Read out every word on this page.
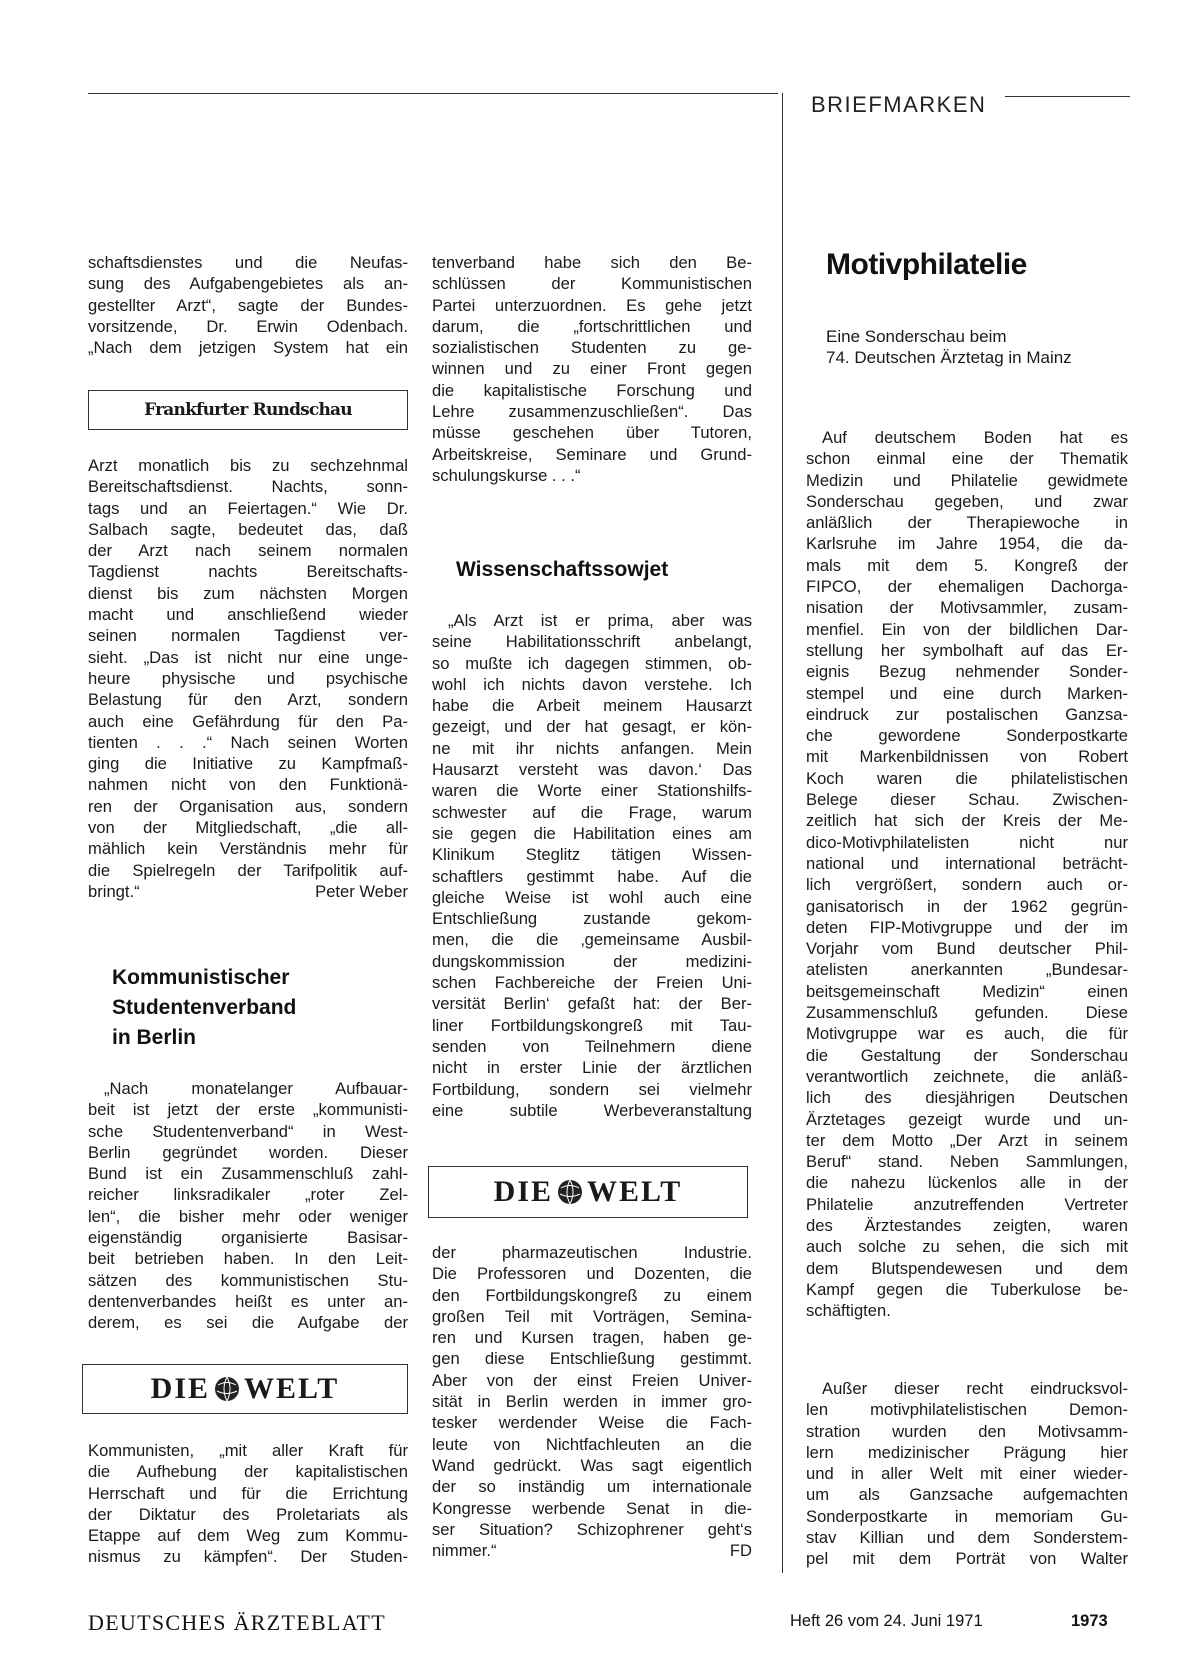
BRIEFMARKEN
schaftsdienstes und die Neufas-
sung des Aufgabengebietes als an-
gestellter Arzt“, sagte der Bundes-
vorsitzende, Dr. Erwin Odenbach.
„Nach dem jetzigen System hat ein
Frankfurter Rundschau
Arzt monatlich bis zu sechzehnmal
Bereitschaftsdienst. Nachts, sonn-
tags und an Feiertagen.“ Wie Dr.
Salbach sagte, bedeutet das, daß
der Arzt nach seinem normalen
Tagdienst nachts Bereitschafts-
dienst bis zum nächsten Morgen
macht und anschließend wieder
seinen normalen Tagdienst ver-
sieht. „Das ist nicht nur eine unge-
heure physische und psychische
Belastung für den Arzt, sondern
auch eine Gefährdung für den Pa-
tienten . . .“ Nach seinen Worten
ging die Initiative zu Kampfmaß-
nahmen nicht von den Funktionä-
ren der Organisation aus, sondern
von der Mitgliedschaft, „die all-
mählich kein Verständnis mehr für
die Spielregeln der Tarifpolitik auf-
bringt.“	Peter Weber
Kommunistischer
Studentenverband
in Berlin
„Nach monatelanger Aufbauar-
beit ist jetzt der erste „kommunisti-
sche Studentenverband“ in West-
Berlin gegründet worden. Dieser
Bund ist ein Zusammenschluß zahl-
reicher linksradikaler „roter Zel-
len“, die bisher mehr oder weniger
eigenständig organisierte Basisar-
beit betrieben haben. In den Leit-
sätzen des kommunistischen Stu-
dentenverbandes heißt es unter an-
derem, es sei die Aufgabe der
DIE WELT
Kommunisten, „mit aller Kraft für
die Aufhebung der kapitalistischen
Herrschaft und für die Errichtung
der Diktatur des Proletariats als
Etappe auf dem Weg zum Kommu-
nismus zu kämpfen“. Der Studen-
tenverband habe sich den Be-
schlüssen der Kommunistischen
Partei unterzuordnen. Es gehe jetzt
darum, die „fortschrittlichen und
sozialistischen Studenten zu ge-
winnen und zu einer Front gegen
die kapitalistische Forschung und
Lehre zusammenzuschließen“. Das
müsse geschehen über Tutoren,
Arbeitskreise, Seminare und Grund-
schulungskurse . . .“
Wissenschaftssowjet
„Als Arzt ist er prima, aber was
seine Habilitationsschrift anbelangt,
so mußte ich dagegen stimmen, ob-
wohl ich nichts davon verstehe. Ich
habe die Arbeit meinem Hausarzt
gezeigt, und der hat gesagt, er kön-
ne mit ihr nichts anfangen. Mein
Hausarzt versteht was davon.‘ Das
waren die Worte einer Stationshilfs-
schwester auf die Frage, warum
sie gegen die Habilitation eines am
Klinikum Steglitz tätigen Wissen-
schaftlers gestimmt habe. Auf die
gleiche Weise ist wohl auch eine
Entschließung zustande gekom-
men, die die ‚gemeinsame Ausbil-
dungskommission der medizini-
schen Fachbereiche der Freien Uni-
versität Berlin‘ gefaßt hat: der Ber-
liner Fortbildungskongreß mit Tau-
senden von Teilnehmern diene
nicht in erster Linie der ärztlichen
Fortbildung, sondern sei vielmehr
eine subtile Werbeveranstaltung
DIE WELT
der pharmazeutischen Industrie.
Die Professoren und Dozenten, die
den Fortbildungskongreß zu einem
großen Teil mit Vorträgen, Semina-
ren und Kursen tragen, haben ge-
gen diese Entschließung gestimmt.
Aber von der einst Freien Univer-
sität in Berlin werden in immer gro-
tesker werdender Weise die Fach-
leute von Nichtfachleuten an die
Wand gedrückt. Was sagt eigentlich
der so inständig um internationale
Kongresse werbende Senat in die-
ser Situation? Schizophrener geht‘s
nimmer.“	FD
Motivphilatelie
Eine Sonderschau beim
74. Deutschen Ärztetag in Mainz
Auf deutschem Boden hat es
schon einmal eine der Thematik
Medizin und Philatelie gewidmete
Sonderschau gegeben, und zwar
anläßlich der Therapiewoche in
Karlsruhe im Jahre 1954, die da-
mals mit dem 5. Kongreß der
FIPCO, der ehemaligen Dachorga-
nisation der Motivsammler, zusam-
menfiel. Ein von der bildlichen Dar-
stellung her symbolhaft auf das Er-
eignis Bezug nehmender Sonder-
stempel und eine durch Marken-
eindruck zur postalischen Ganzsa-
che gewordene Sonderpostkarte
mit Markenbildnissen von Robert
Koch waren die philatelistischen
Belege dieser Schau. Zwischen-
zeitlich hat sich der Kreis der Me-
dico-Motivphilatelisten nicht nur
national und international beträcht-
lich vergrößert, sondern auch or-
ganisatorisch in der 1962 gegrün-
deten FIP-Motivgruppe und der im
Vorjahr vom Bund deutscher Phil-
atelisten anerkannten „Bundesar-
beitsgemeinschaft Medizin“ einen
Zusammenschluß gefunden. Diese
Motivgruppe war es auch, die für
die Gestaltung der Sonderschau
verantwortlich zeichnete, die anläß-
lich des diesjährigen Deutschen
Ärztetages gezeigt wurde und un-
ter dem Motto „Der Arzt in seinem
Beruf“ stand. Neben Sammlungen,
die nahezu lückenlos alle in der
Philatelie anzutreffenden Vertreter
des Ärztestandes zeigten, waren
auch solche zu sehen, die sich mit
dem Blutspendewesen und dem
Kampf gegen die Tuberkulose be-
schäftigten.
Außer dieser recht eindrucksvol-
len motivphilatelistischen Demon-
stration wurden den Motivsamm-
lern medizinischer Prägung hier
und in aller Welt mit einer wieder-
um als Ganzsache aufgemachten
Sonderpostkarte in memoriam Gu-
stav Killian und dem Sonderstem-
pel mit dem Porträt von Walter
DEUTSCHES ÄRZTEBLATT	Heft 26 vom 24. Juni 1971	1973
